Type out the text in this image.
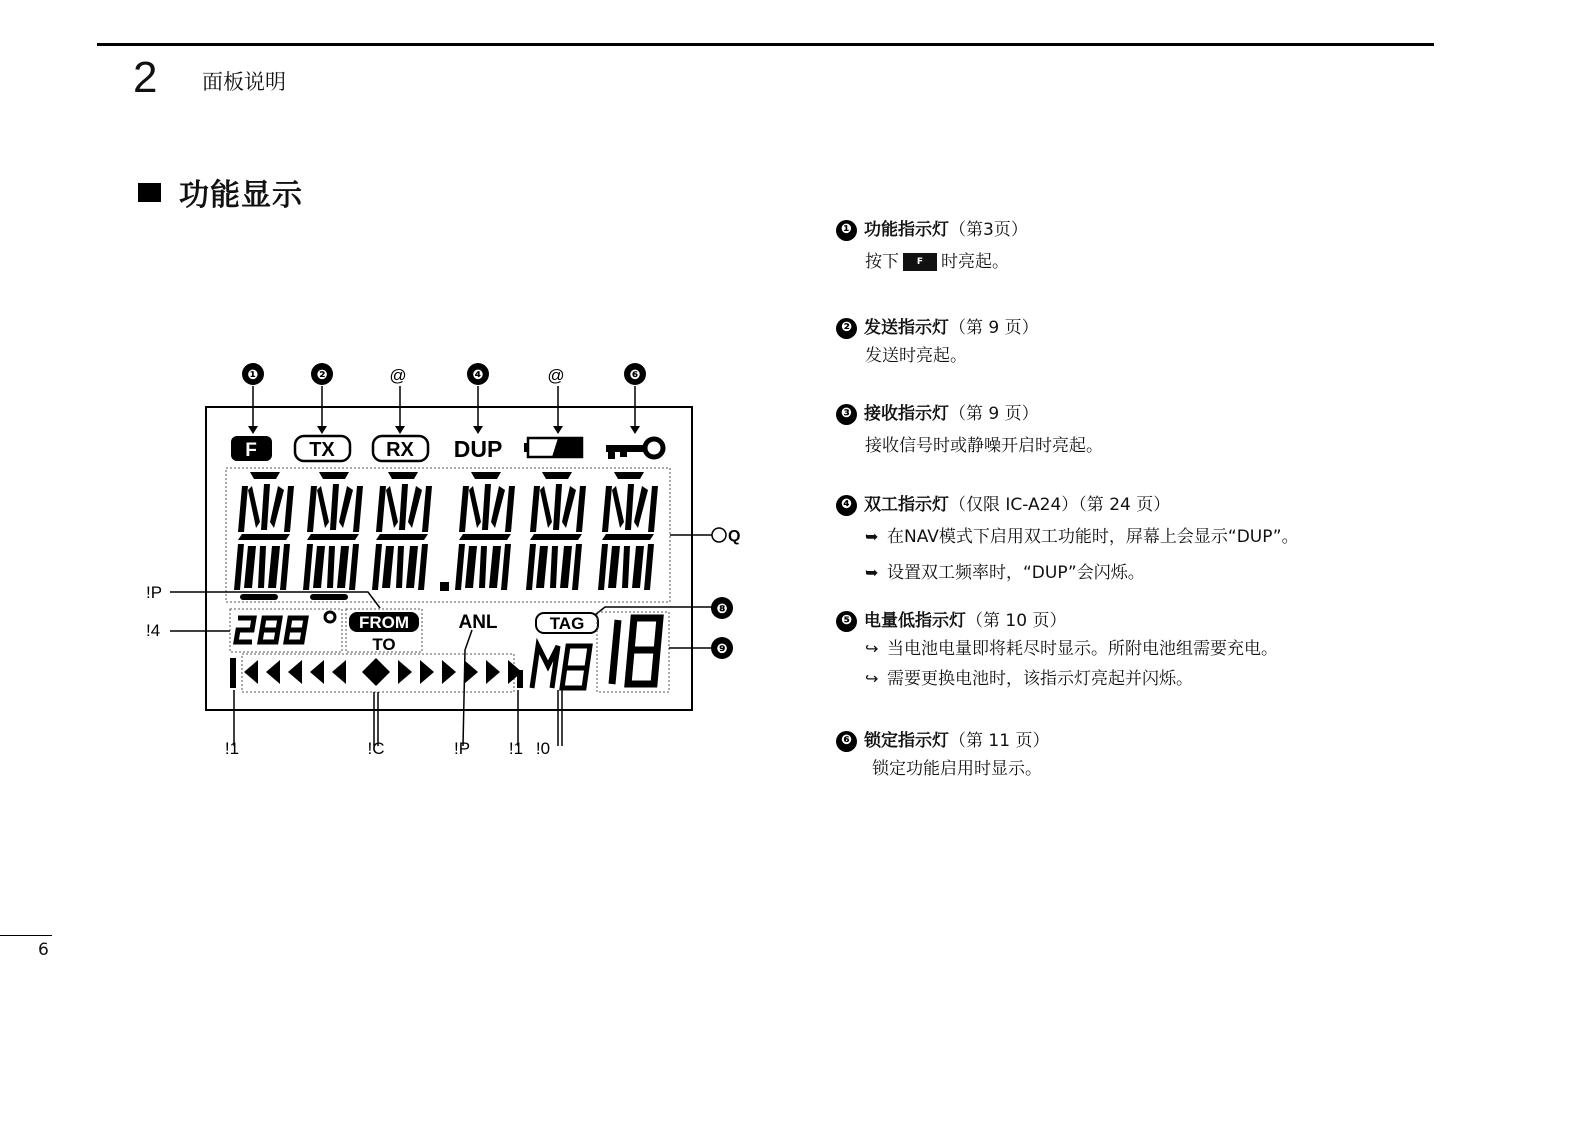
2 面板说明
功能显示
❶	❷	@	❹	@	❻
F	TX	RX DUP
Q
!P
!4	FROM
TO
ANL	TAG
❽
❾
!1	!C	!P !1 !0
❶ 功能指示灯 （第3页）
按下	F	时亮起。
❷ 发送指示灯 （第 9 页）
发送时亮起。
❸ 接收指示灯 （第 9 页）
接收信号时或静噪开启时亮起。
❹ 双工指示灯 （仅限 IC-A24）（第 24 页）
➥ 在NAV模式下启用双工功能时，屏幕上会显示“DUP”。
➥ 设置双工频率时，“DUP”会闪烁。
❺ 电量低指示灯 （第 10 页）
↪ 当电池电量即将耗尽时显示。所附电池组需要充电。
↪ 需要更换电池时，该指示灯亮起并闪烁。
❻ 锁定指示灯 （第 11 页）
锁定功能启用时显示。
6
